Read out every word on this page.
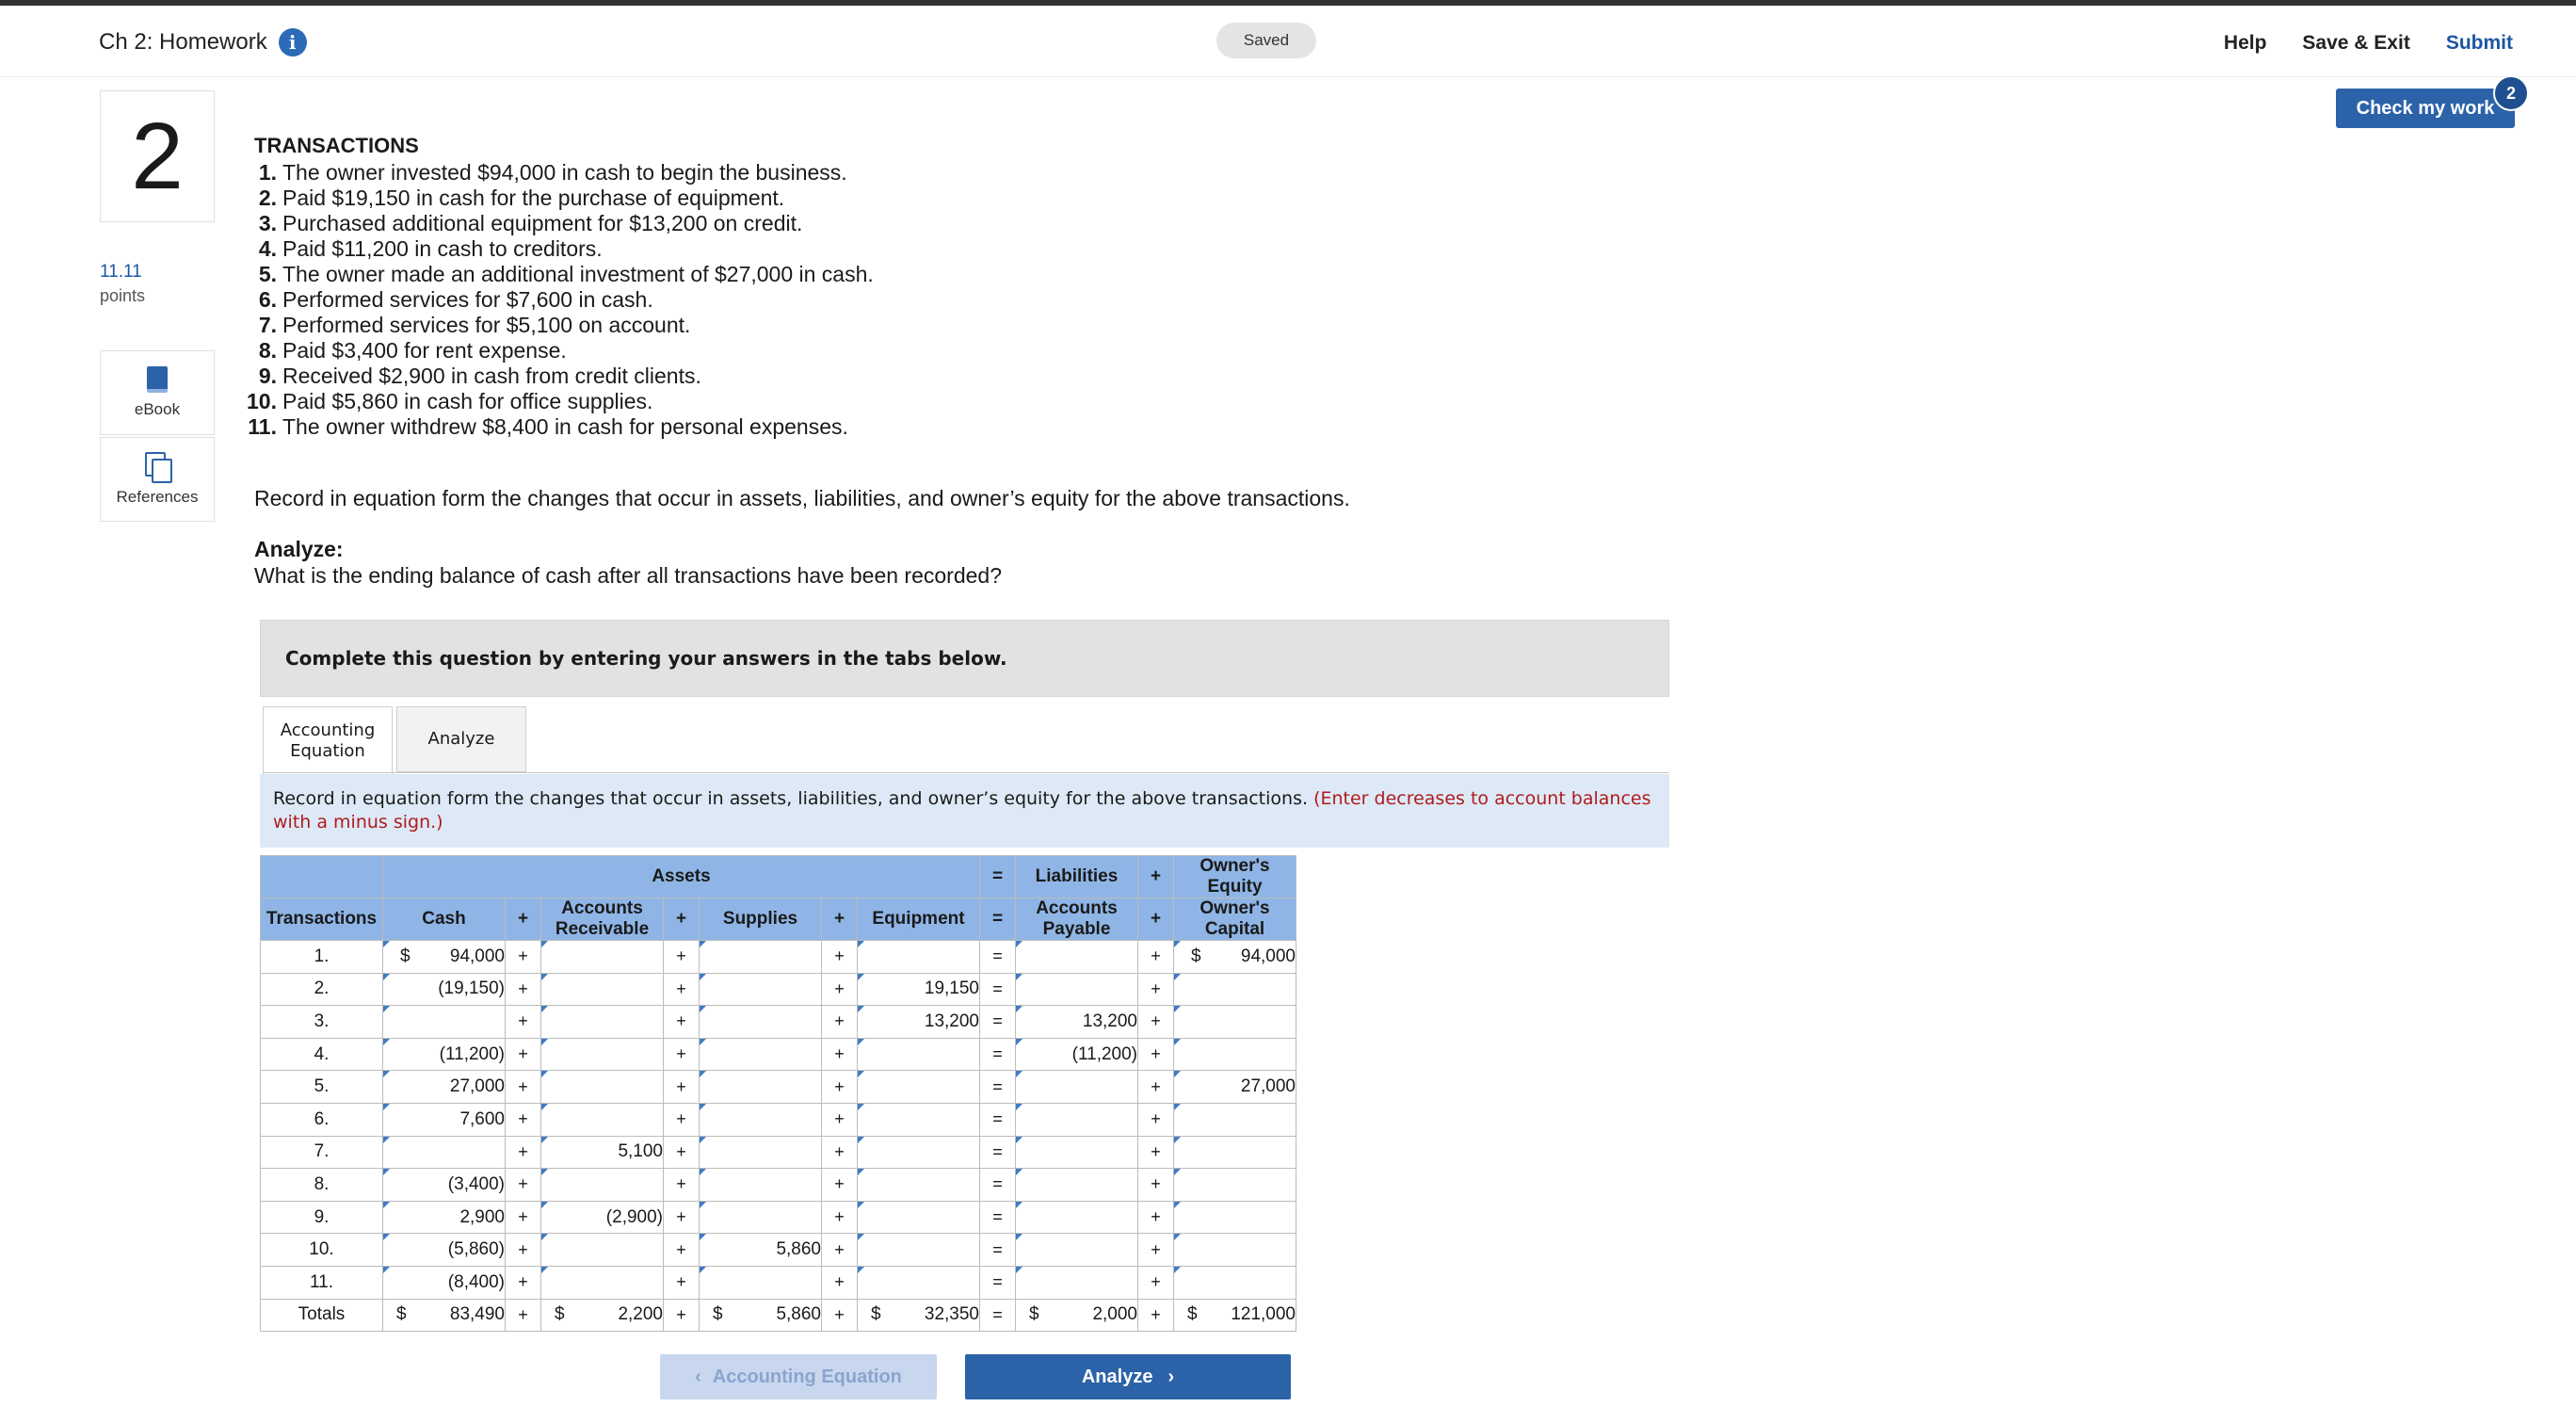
Ch 2: Homework	i	Saved	Help Save & Exit Submit
Check my work
2
2
11.11
points
eBook
References
TRANSACTIONS
1. The owner invested $94,000 in cash to begin the business.
2. Paid $19,150 in cash for the purchase of equipment.
3. Purchased additional equipment for $13,200 on credit.
4. Paid $11,200 in cash to creditors.
5. The owner made an additional investment of $27,000 in cash.
6. Performed services for $7,600 in cash.
7. Performed services for $5,100 on account.
8. Paid $3,400 for rent expense.
9. Received $2,900 in cash from credit clients.
10. Paid $5,860 in cash for office supplies.
11. The owner withdrew $8,400 in cash for personal expenses.
Record in equation form the changes that occur in assets, liabilities, and owner’s equity for the above transactions.
Analyze:
What is the ending balance of cash after all transactions have been recorded?
Complete this question by entering your answers in the tabs below.
Accounting
Equation
Analyze
Record in equation form the changes that occur in assets, liabilities, and owner’s equity for the above transactions. (Enter decreases to account balances with a minus sign.)
	Assets							=	Liabilities	+	Owner's
Equity
Transactions	Cash	+	Accounts
Receivable	+	Supplies	+	Equipment	=	Accounts
Payable	+	Owner's
Capital
1.	$ 94,000	+		+		+		=		+	$ 94,000
2.	(19,150)	+		+		+	19,150	=		+	

3.		+		+		+	13,200	=	13,200	+	

4.	(11,200)	+		+		+		=	(11,200)	+	

5.	27,000	+		+		+		=		+	27,000
6.	7,600	+		+		+		=		+	

7.		+	5,100	+		+		=		+	

8.	(3,400)	+		+		+		=		+	

9.	2,900	+	(2,900)	+		+		=		+	

10.	(5,860)	+		+	5,860	+		=		+	

11.	(8,400)	+		+		+		=		+	

Totals	$ 83,490	+	$ 2,200	+	$ 5,860	+	$ 32,350	=	$ 2,000	+	$ 121,000
‹ Accounting Equation	Analyze ›
